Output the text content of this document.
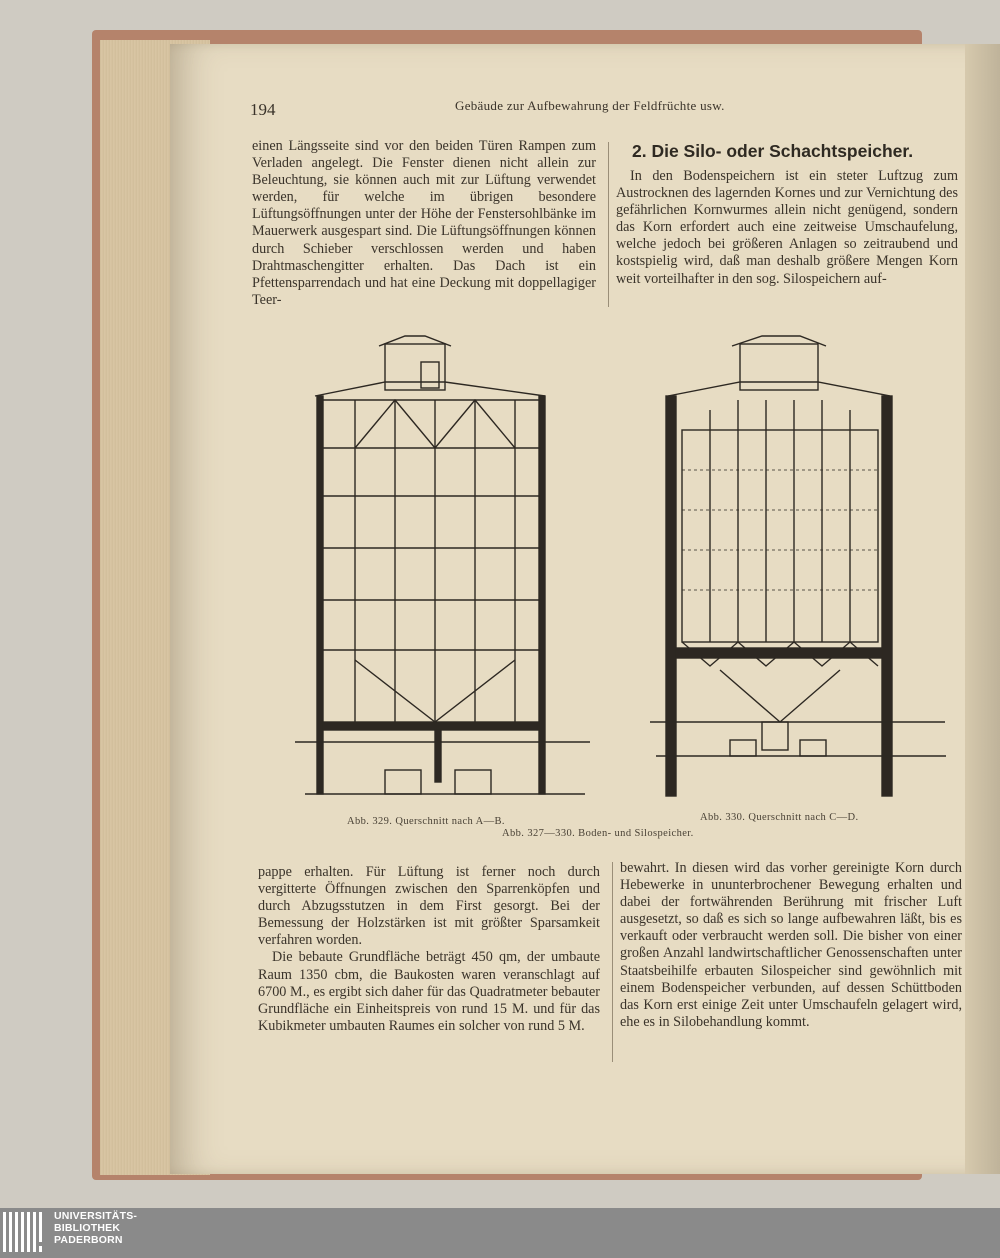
194	Gebäude zur Aufbewahrung der Feldfrüchte usw.

einen Längsseite sind vor den beiden Türen Rampen zum Verladen angelegt. Die Fenster dienen nicht allein zur Beleuchtung, sie können auch mit zur Lüftung verwendet werden, für welche im übrigen besondere Lüftungsöffnungen unter der Höhe der Fenstersohlbänke im Mauerwerk ausgespart sind. Die Lüftungsöffnungen können durch Schieber verschlossen werden und haben Drahtmaschengitter erhalten. Das Dach ist ein Pfettensparrendach und hat eine Deckung mit doppellagiger Teer-

2. Die Silo- oder Schachtspeicher.

In den Bodenspeichern ist ein steter Luftzug zum Austrocknen des lagernden Kornes und zur Vernichtung des gefährlichen Kornwurmes allein nicht genügend, sondern das Korn erfordert auch eine zeitweise Umschaufelung, welche jedoch bei größeren Anlagen so zeitraubend und kostspielig wird, daß man deshalb größere Mengen Korn weit vorteilhafter in den sog. Silospeichern auf-

Abb. 329. Querschnitt nach A—B.	Abb. 330. Querschnitt nach C—D.
Abb. 327—330. Boden- und Silospeicher.

pappe erhalten. Für Lüftung ist ferner noch durch vergitterte Öffnungen zwischen den Sparrenköpfen und durch Abzugsstutzen in dem First gesorgt. Bei der Bemessung der Holzstärken ist mit größter Sparsamkeit verfahren worden.

Die bebaute Grundfläche beträgt 450 qm, der umbaute Raum 1350 cbm, die Baukosten waren veranschlagt auf 6700 M., es ergibt sich daher für das Quadratmeter bebauter Grundfläche ein Einheitspreis von rund 15 M. und für das Kubikmeter umbauten Raumes ein solcher von rund 5 M.

bewahrt. In diesen wird das vorher gereinigte Korn durch Hebewerke in ununterbrochener Bewegung erhalten und dabei der fortwährenden Berührung mit frischer Luft ausgesetzt, so daß es sich so lange aufbewahren läßt, bis es verkauft oder verbraucht werden soll. Die bisher von einer großen Anzahl landwirtschaftlicher Genossenschaften unter Staatsbeihilfe erbauten Silospeicher sind gewöhnlich mit einem Bodenspeicher verbunden, auf dessen Schüttboden das Korn erst einige Zeit unter Umschaufeln gelagert wird, ehe es in Silobehandlung kommt.

UNIVERSITÄTS-
BIBLIOTHEK
PADERBORN
